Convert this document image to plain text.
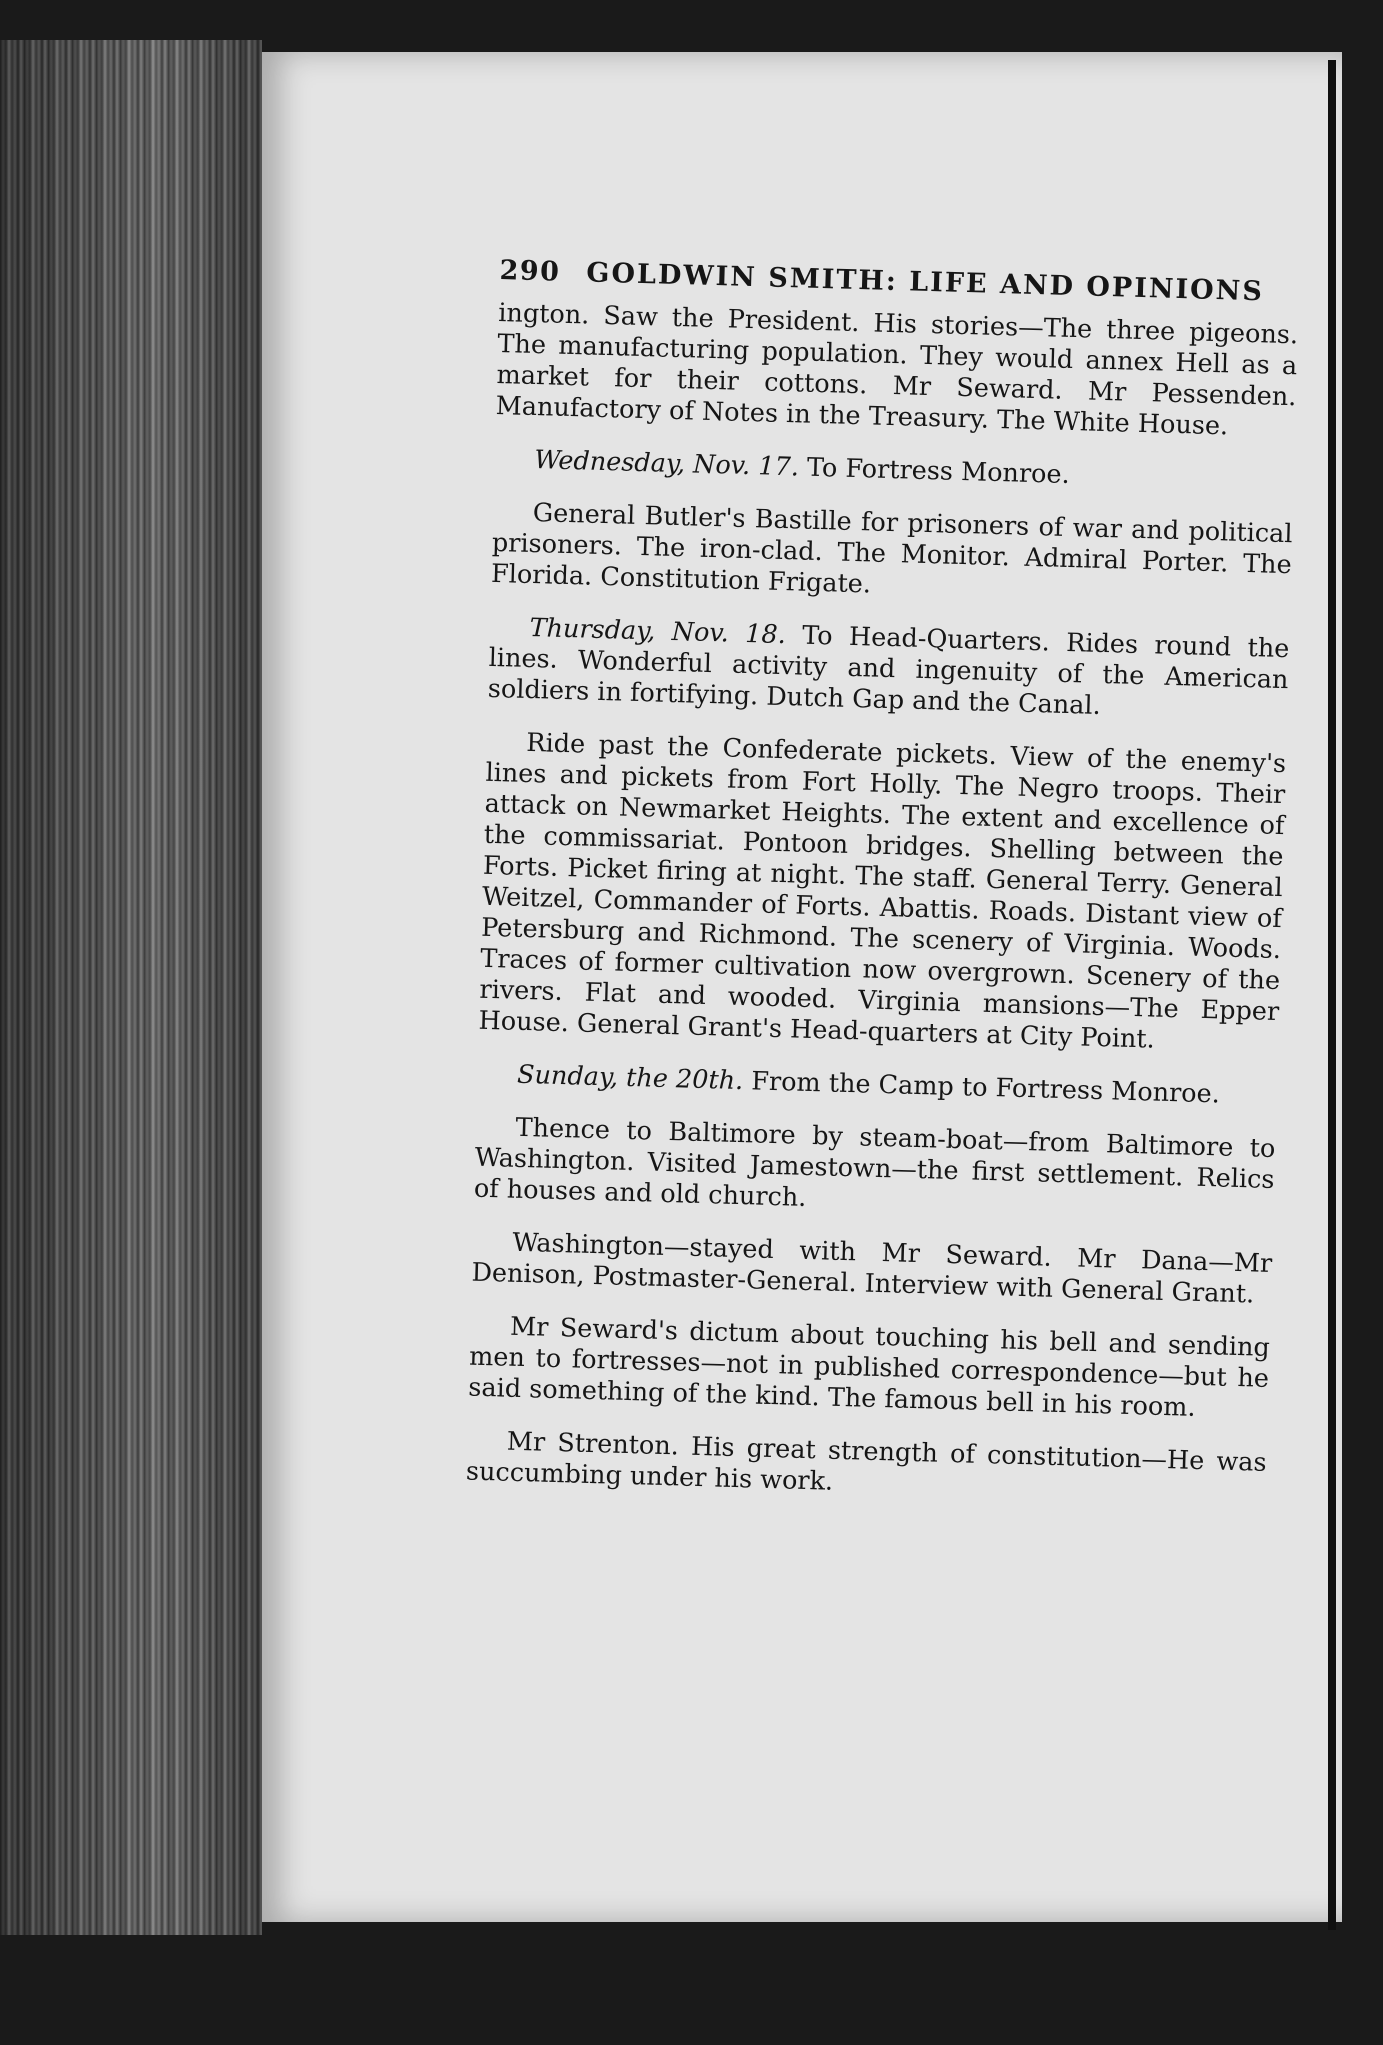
290 GOLDWIN SMITH: LIFE AND OPINIONS

ington. Saw the President. His stories—The three pigeons. The manufacturing population. They would annex Hell as a market for their cottons. Mr Seward. Mr Pessenden. Manufactory of Notes in the Treasury. The White House.

Wednesday, Nov. 17. To Fortress Monroe.

General Butler's Bastille for prisoners of war and political prisoners. The iron-clad. The Monitor. Admiral Porter. The Florida. Constitution Frigate.

Thursday, Nov. 18. To Head-Quarters. Rides round the lines. Wonderful activity and ingenuity of the American soldiers in fortifying. Dutch Gap and the Canal.

Ride past the Confederate pickets. View of the enemy's lines and pickets from Fort Holly. The Negro troops. Their attack on Newmarket Heights. The extent and excellence of the commissariat. Pontoon bridges. Shelling between the Forts. Picket firing at night. The staff. General Terry. General Weitzel, Commander of Forts. Abattis. Roads. Distant view of Petersburg and Richmond. The scenery of Virginia. Woods. Traces of former cultivation now overgrown. Scenery of the rivers. Flat and wooded. Virginia mansions—The Epper House. General Grant's Head-quarters at City Point.

Sunday, the 20th. From the Camp to Fortress Monroe.

Thence to Baltimore by steam-boat—from Baltimore to Washington. Visited Jamestown—the first settlement. Relics of houses and old church.

Washington—stayed with Mr Seward. Mr Dana—Mr Denison, Postmaster-General. Interview with General Grant.

Mr Seward's dictum about touching his bell and sending men to fortresses—not in published correspondence—but he said something of the kind. The famous bell in his room.

Mr Strenton. His great strength of constitution—He was succumbing under his work.
